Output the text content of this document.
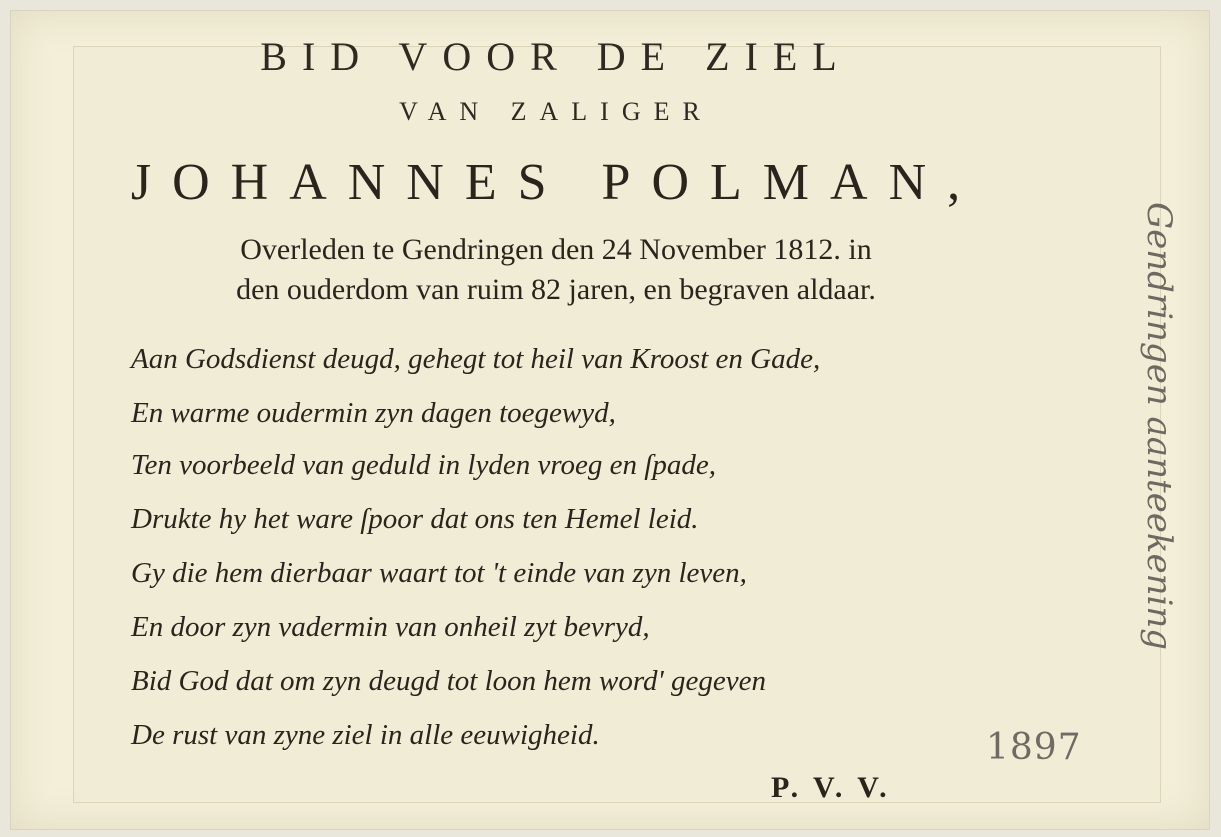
BID VOOR DE ZIEL
VAN ZALIGER
JOHANNES POLMAN,
Overleden te Gendringen den 24 November 1812. in
den ouderdom van ruim 82 jaren, en begraven aldaar.
Aan Godsdienst deugd, gehegt tot heil van Kroost en Gade,
En warme oudermin zyn dagen toegewyd,
Ten voorbeeld van geduld in lyden vroeg en ſpade,
Drukte hy het ware ſpoor dat ons ten Hemel leid.
Gy die hem dierbaar waart tot 't einde van zyn leven,
En door zyn vadermin van onheil zyt bevryd,
Bid God dat om zyn deugd tot loon hem word' gegeven
De rust van zyne ziel in alle eeuwigheid.
P. V. V.
1897
Gendringen aanteekening
